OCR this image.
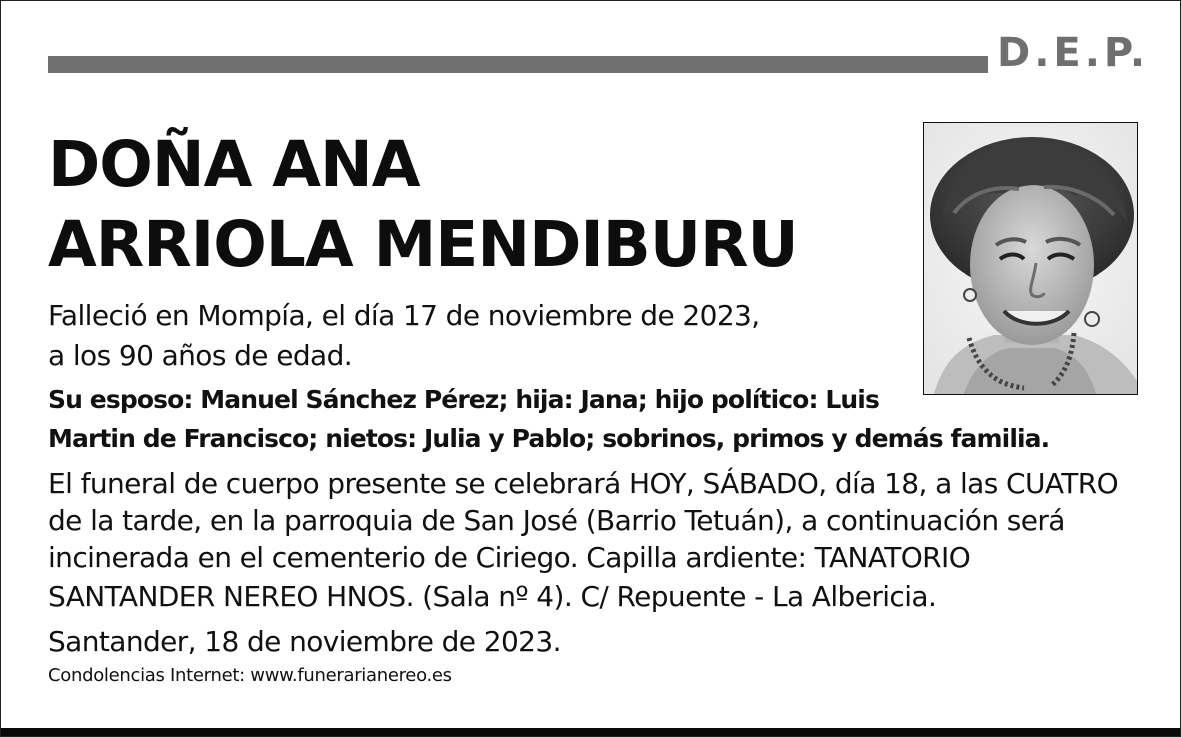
D.E.P.
DOÑA ANA
ARRIOLA MENDIBURU
Falleció en Mompía, el día 17 de noviembre de 2023,
a los 90 años de edad.
Su esposo: Manuel Sánchez Pérez; hija: Jana; hijo político: Luis
Martin de Francisco; nietos: Julia y Pablo; sobrinos, primos y demás familia.
El funeral de cuerpo presente se celebrará HOY, SÁBADO, día 18, a las CUATRO
de la tarde, en la parroquia de San José (Barrio Tetuán), a continuación será
incinerada en el cementerio de Ciriego. Capilla ardiente: TANATORIO
SANTANDER NEREO HNOS. (Sala nº 4). C/ Repuente - La Albericia.
Santander, 18 de noviembre de 2023.
Condolencias Internet: www.funerarianereo.es
